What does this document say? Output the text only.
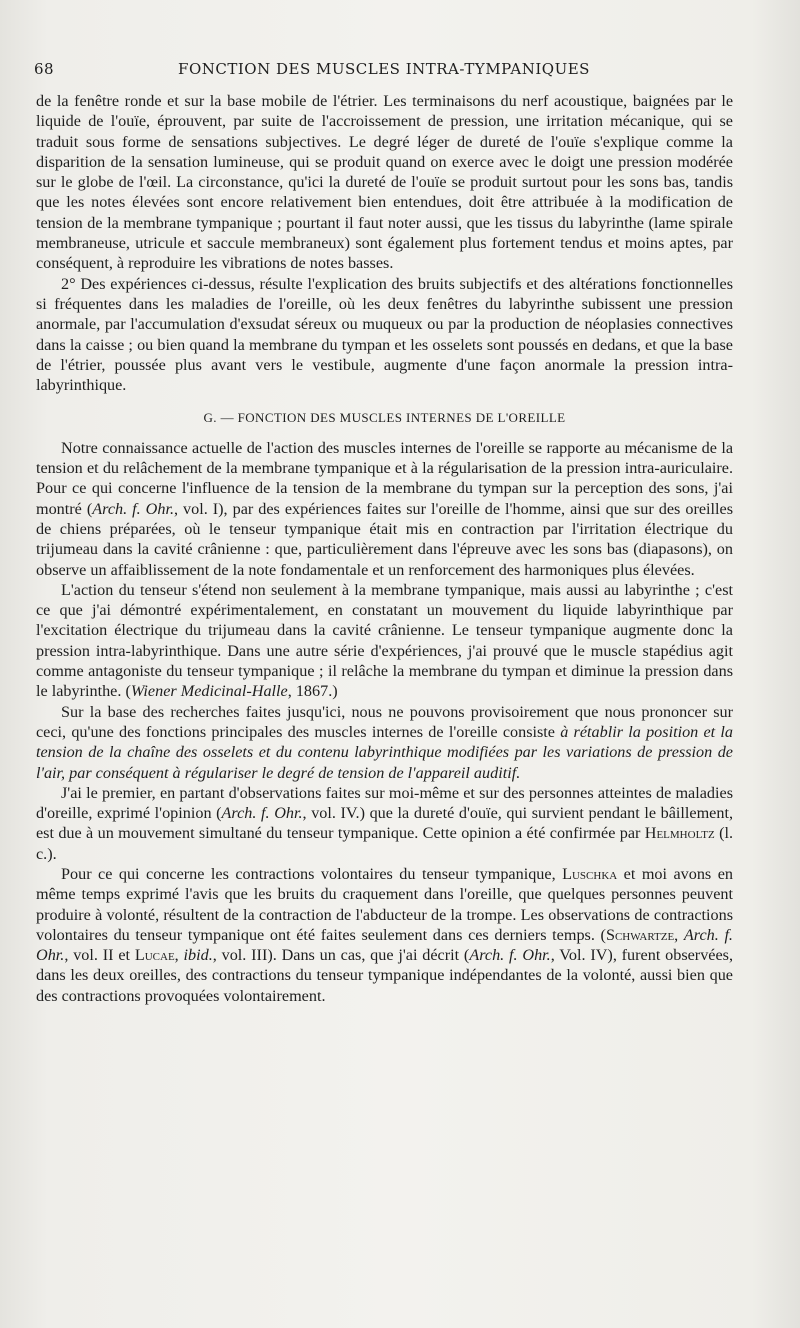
68	FONCTION DES MUSCLES INTRA-TYMPANIQUES

de la fenêtre ronde et sur la base mobile de l'étrier. Les terminaisons du nerf acoustique, baignées par le liquide de l'ouïe, éprouvent, par suite de l'accroissement de pression, une irritation mécanique, qui se traduit sous forme de sensations subjectives. Le degré léger de dureté de l'ouïe s'explique comme la disparition de la sensation lumineuse, qui se produit quand on exerce avec le doigt une pression modérée sur le globe de l'œil. La circonstance, qu'ici la dureté de l'ouïe se produit surtout pour les sons bas, tandis que les notes élevées sont encore relativement bien entendues, doit être attribuée à la modification de tension de la membrane tympanique ; pourtant il faut noter aussi, que les tissus du labyrinthe (lame spirale membraneuse, utricule et saccule membraneux) sont également plus fortement tendus et moins aptes, par conséquent, à reproduire les vibrations de notes basses.

2° Des expériences ci-dessus, résulte l'explication des bruits subjectifs et des altérations fonctionnelles si fréquentes dans les maladies de l'oreille, où les deux fenêtres du labyrinthe subissent une pression anormale, par l'accumulation d'exsudat séreux ou muqueux ou par la production de néoplasies connectives dans la caisse ; ou bien quand la membrane du tympan et les osselets sont poussés en dedans, et que la base de l'étrier, poussée plus avant vers le vestibule, augmente d'une façon anormale la pression intra-labyrinthique.

G. — FONCTION DES MUSCLES INTERNES DE L'OREILLE

Notre connaissance actuelle de l'action des muscles internes de l'oreille se rapporte au mécanisme de la tension et du relâchement de la membrane tympanique et à la régularisation de la pression intra-auriculaire. Pour ce qui concerne l'influence de la tension de la membrane du tympan sur la perception des sons, j'ai montré (Arch. f. Ohr., vol. I), par des expériences faites sur l'oreille de l'homme, ainsi que sur des oreilles de chiens préparées, où le tenseur tympanique était mis en contraction par l'irritation électrique du trijumeau dans la cavité crânienne : que, particulièrement dans l'épreuve avec les sons bas (diapasons), on observe un affaiblissement de la note fondamentale et un renforcement des harmoniques plus élevées.

L'action du tenseur s'étend non seulement à la membrane tympanique, mais aussi au labyrinthe ; c'est ce que j'ai démontré expérimentalement, en constatant un mouvement du liquide labyrinthique par l'excitation électrique du trijumeau dans la cavité crânienne. Le tenseur tympanique augmente donc la pression intra-labyrinthique. Dans une autre série d'expériences, j'ai prouvé que le muscle stapédius agit comme antagoniste du tenseur tympanique ; il relâche la membrane du tympan et diminue la pression dans le labyrinthe. (Wiener Medicinal-Halle, 1867.)

Sur la base des recherches faites jusqu'ici, nous ne pouvons provisoirement que nous prononcer sur ceci, qu'une des fonctions principales des muscles internes de l'oreille consiste à rétablir la position et la tension de la chaîne des osselets et du contenu labyrinthique modifiées par les variations de pression de l'air, par conséquent à régulariser le degré de tension de l'appareil auditif.

J'ai le premier, en partant d'observations faites sur moi-même et sur des personnes atteintes de maladies d'oreille, exprimé l'opinion (Arch. f. Ohr., vol. IV.) que la dureté d'ouïe, qui survient pendant le bâillement, est due à un mouvement simultané du tenseur tympanique. Cette opinion a été confirmée par Helmholtz (l. c.).

Pour ce qui concerne les contractions volontaires du tenseur tympanique, Luschka et moi avons en même temps exprimé l'avis que les bruits du craquement dans l'oreille, que quelques personnes peuvent produire à volonté, résultent de la contraction de l'abducteur de la trompe. Les observations de contractions volontaires du tenseur tympanique ont été faites seulement dans ces derniers temps. (Schwartze, Arch. f. Ohr., vol. II et Lucae, ibid., vol. III). Dans un cas, que j'ai décrit (Arch. f. Ohr., Vol. IV), furent observées, dans les deux oreilles, des contractions du tenseur tympanique indépendantes de la volonté, aussi bien que des contractions provoquées volontairement.
